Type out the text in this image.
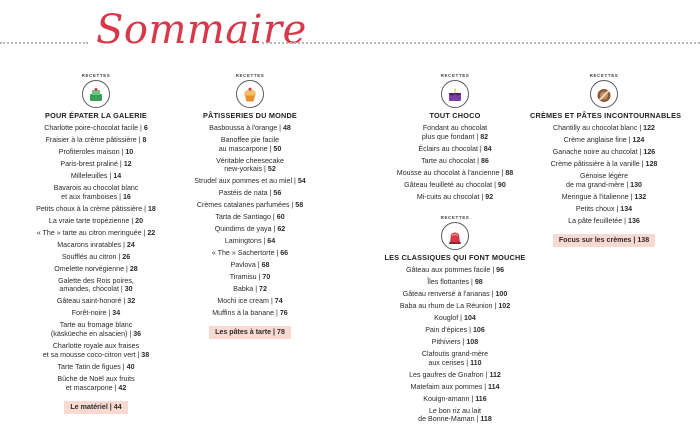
Sommaire
RECETTES
POUR ÉPATER LA GALERIE
Charlotte poire-chocolat facile | 6
Fraisier à la crème pâtissière | 8
Profiteroles maison | 10
Paris-brest praliné | 12
Millefeuilles | 14
Bavarois au chocolat blanc
et aux framboises | 16
Petits choux à la crème pâtissière | 18
La vraie tarte tropézienne | 20
« The » tarte au citron meringuée | 22
Macarons inratables | 24
Soufflés au citron | 26
Omelette norvégienne | 28
Galette des Rois poires,
amandes, chocolat | 30
Gâteau saint-honoré | 32
Forêt-noire | 34
Tarte au fromage blanc
(käsküeche en alsacien) | 36
Charlotte royale aux fraises
et sa mousse coco-citron vert | 38
Tarte Tatin de figues | 40
Bûche de Noël aux fruits
et mascarpone | 42
Le matériel | 44
RECETTES
PÂTISSERIES DU MONDE
Basboussa à l'orange | 48
Banoffee pie facile
au mascarpone | 50
Véritable cheesecake
new-yorkais | 52
Strudel aux pommes et au miel | 54
Pastéis de nata | 56
Crèmes catalanes parfumées | 58
Tarta de Santiago | 60
Quindims de yaya | 62
Lamingtons | 64
« The » Sachertorte | 66
Pavlova | 68
Tiramisu | 70
Babka | 72
Mochi ice cream | 74
Muffins à la banane | 76
Les pâtes à tarte | 78
RECETTES
TOUT CHOCO
Fondant au chocolat
plus que fondant | 82
Éclairs au chocolat | 84
Tarte au chocolat | 86
Mousse au chocolat à l'ancienne | 88
Gâteau feuilleté au chocolat | 90
Mi-cuits au chocolat | 92
RECETTES
LES CLASSIQUES QUI FONT MOUCHE
Gâteau aux pommes facile | 96
Îles flottantes | 98
Gâteau renversé à l'ananas | 100
Baba au rhum de La Réunion | 102
Kouglof | 104
Pain d'épices | 106
Pithiviers | 108
Clafoutis grand-mère
aux cerises | 110
Les gaufres de Gnafron | 112
Matefaim aux pommes | 114
Kouign-amann | 116
Le bon riz au lait
de Bonne-Maman | 118
RECETTES
CRÈMES ET PÂTES INCONTOURNABLES
Chantilly au chocolat blanc | 122
Crème anglaise fine | 124
Ganache noire au chocolat | 126
Crème pâtissière à la vanille | 128
Génoise légère
de ma grand-mère | 130
Meringue à l'italienne | 132
Petits choux | 134
La pâte feuilletée | 136
Focus sur les crèmes | 138
